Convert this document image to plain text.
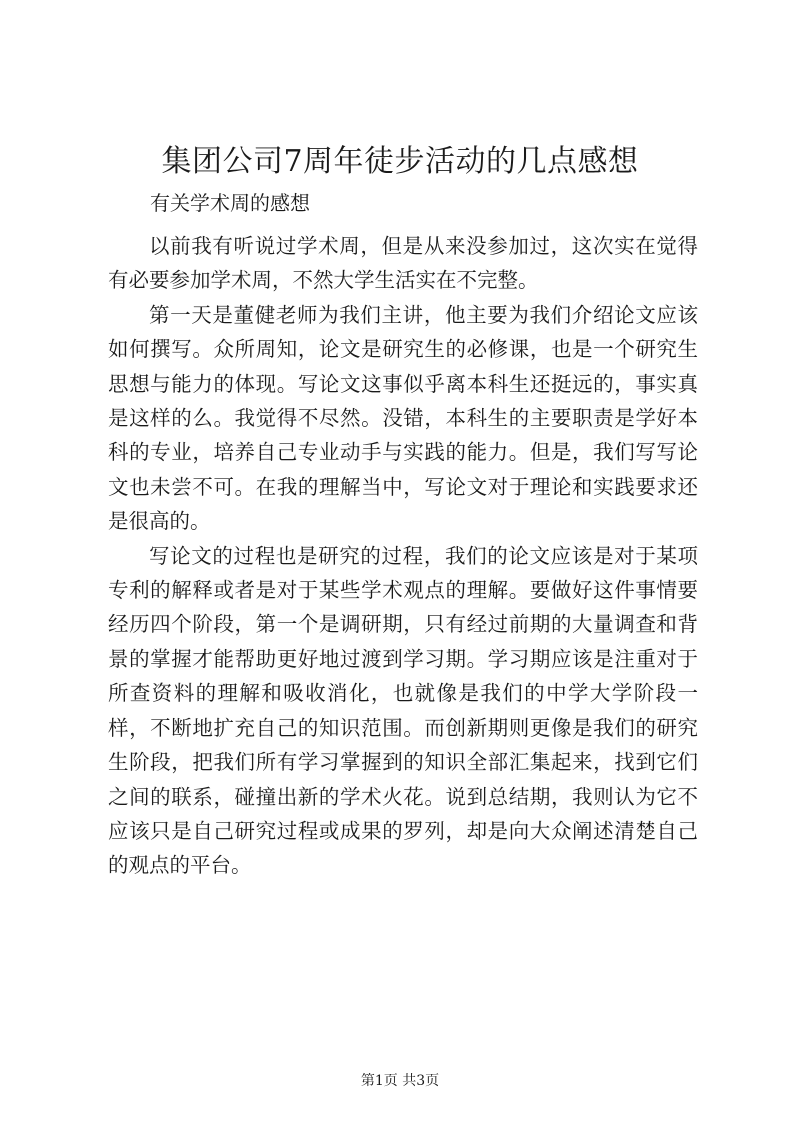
集团公司7周年徒步活动的几点感想
有关学术周的感想

以前我有听说过学术周，但是从来没参加过，这次实在觉得有必要参加学术周，不然大学生活实在不完整。

第一天是董健老师为我们主讲，他主要为我们介绍论文应该如何撰写。众所周知，论文是研究生的必修课，也是一个研究生思想与能力的体现。写论文这事似乎离本科生还挺远的，事实真是这样的么。我觉得不尽然。没错，本科生的主要职责是学好本科的专业，培养自己专业动手与实践的能力。但是，我们写写论文也未尝不可。在我的理解当中，写论文对于理论和实践要求还是很高的。

写论文的过程也是研究的过程，我们的论文应该是对于某项专利的解释或者是对于某些学术观点的理解。要做好这件事情要经历四个阶段，第一个是调研期，只有经过前期的大量调查和背景的掌握才能帮助更好地过渡到学习期。学习期应该是注重对于所查资料的理解和吸收消化，也就像是我们的中学大学阶段一样，不断地扩充自己的知识范围。而创新期则更像是我们的研究生阶段，把我们所有学习掌握到的知识全部汇集起来，找到它们之间的联系，碰撞出新的学术火花。说到总结期，我则认为它不应该只是自己研究过程或成果的罗列，却是向大众阐述清楚自己的观点的平台。

第1页 共3页
